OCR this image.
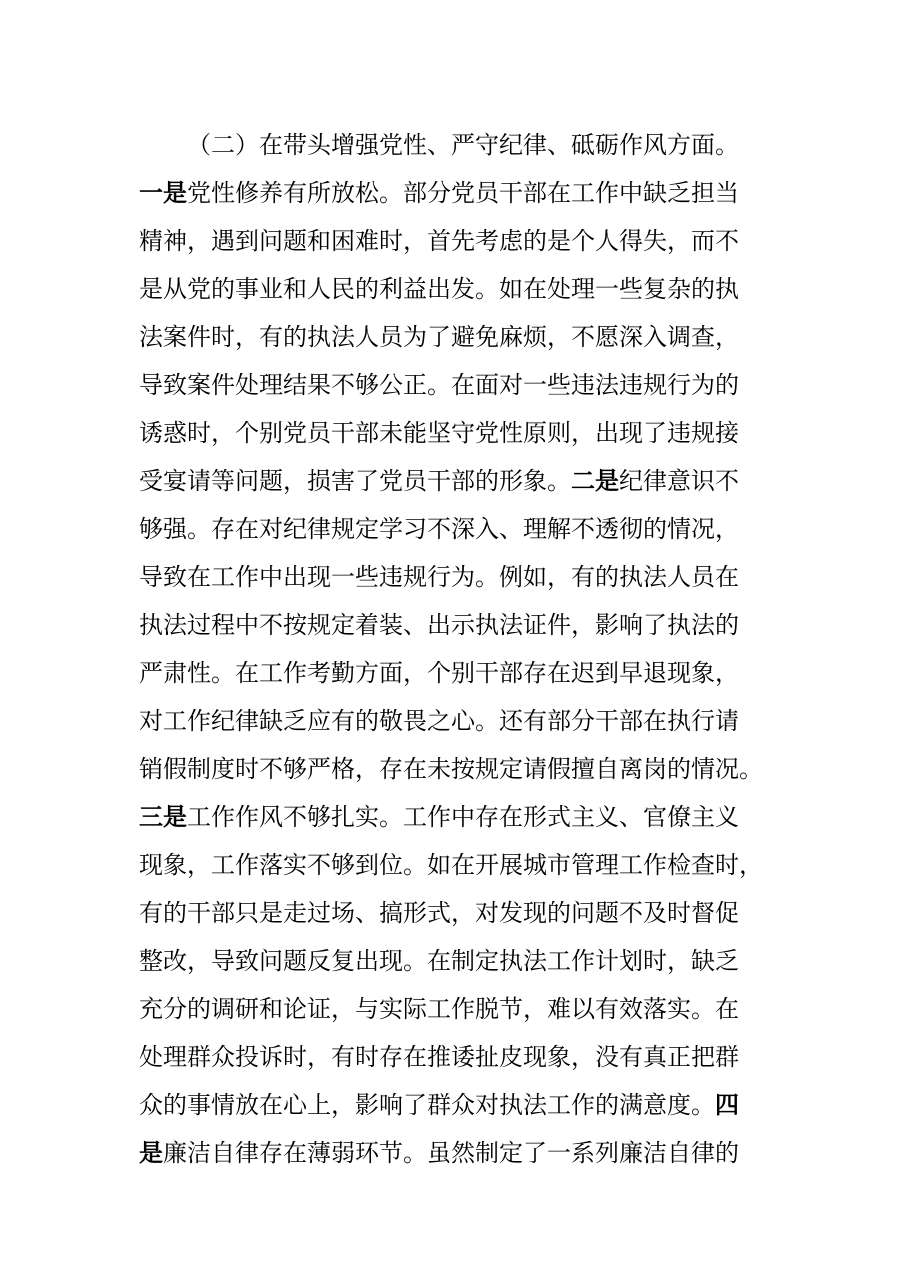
（二）在带头增强党性、严守纪律、砥砺作风方面。
一是党性修养有所放松。部分党员干部在工作中缺乏担当
精神，遇到问题和困难时，首先考虑的是个人得失，而不
是从党的事业和人民的利益出发。如在处理一些复杂的执
法案件时，有的执法人员为了避免麻烦，不愿深入调查，
导致案件处理结果不够公正。在面对一些违法违规行为的
诱惑时，个别党员干部未能坚守党性原则，出现了违规接
受宴请等问题，损害了党员干部的形象。二是纪律意识不
够强。存在对纪律规定学习不深入、理解不透彻的情况，
导致在工作中出现一些违规行为。例如，有的执法人员在
执法过程中不按规定着装、出示执法证件，影响了执法的
严肃性。在工作考勤方面，个别干部存在迟到早退现象，
对工作纪律缺乏应有的敬畏之心。还有部分干部在执行请
销假制度时不够严格，存在未按规定请假擅自离岗的情况。
三是工作作风不够扎实。工作中存在形式主义、官僚主义
现象，工作落实不够到位。如在开展城市管理工作检查时，
有的干部只是走过场、搞形式，对发现的问题不及时督促
整改，导致问题反复出现。在制定执法工作计划时，缺乏
充分的调研和论证，与实际工作脱节，难以有效落实。在
处理群众投诉时，有时存在推诿扯皮现象，没有真正把群
众的事情放在心上，影响了群众对执法工作的满意度。四
是廉洁自律存在薄弱环节。虽然制定了一系列廉洁自律的
